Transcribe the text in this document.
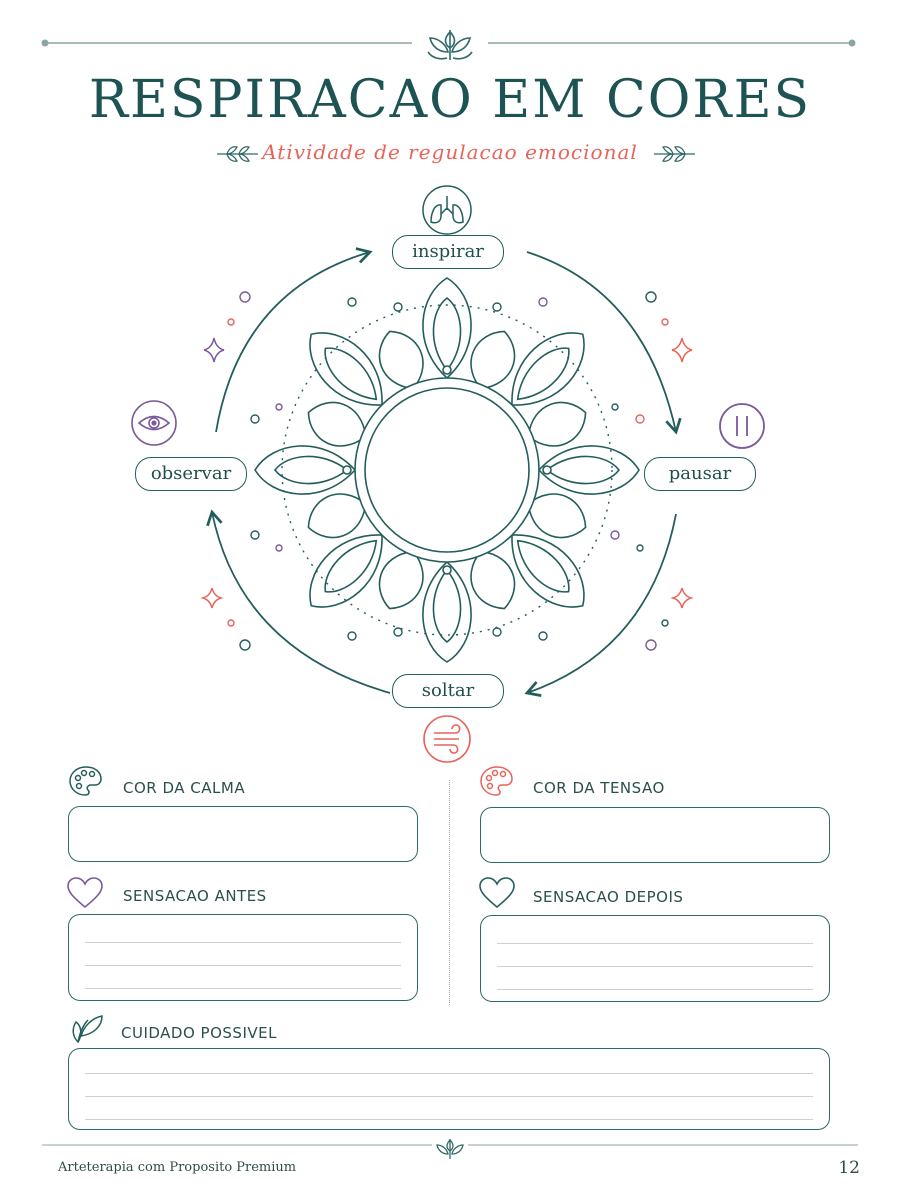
RESPIRACAO EM CORES
Atividade de regulacao emocional
inspirar
pausar
soltar
observar
COR DA CALMA	COR DA TENSAO
SENSACAO ANTES	SENSACAO DEPOIS
CUIDADO POSSIVEL
Arteterapia com Proposito Premium	12
